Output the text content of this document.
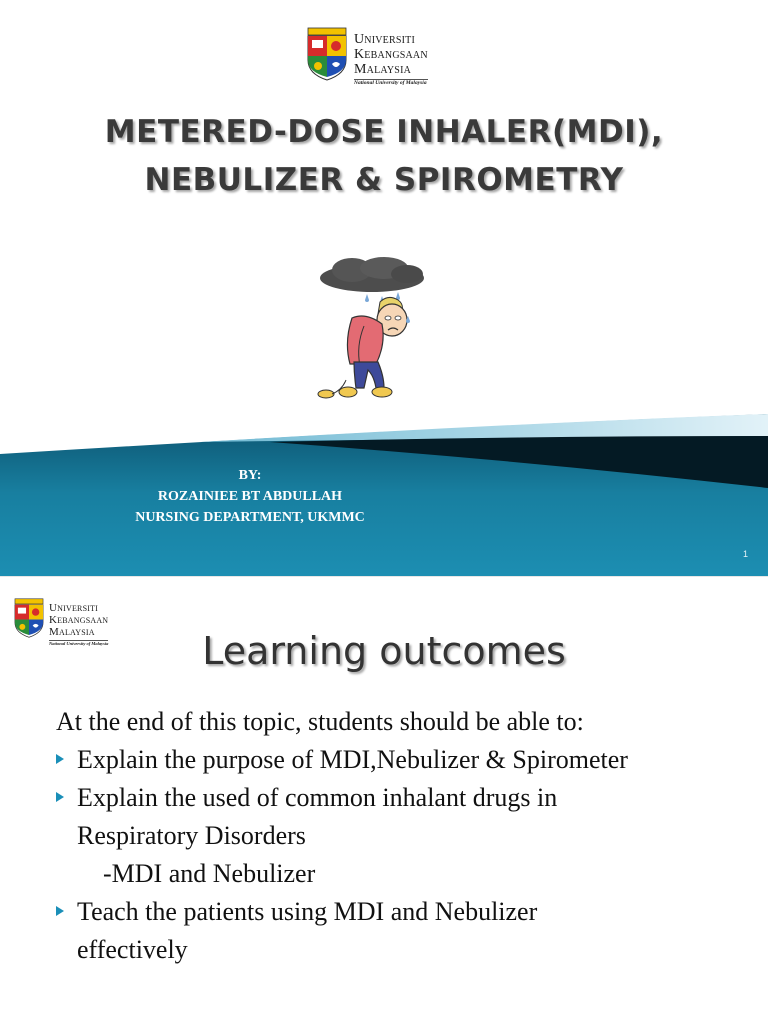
Universiti
Kebangsaan
Malaysia
National University of Malaysia
METERED-DOSE INHALER(MDI),
NEBULIZER & SPIROMETRY
BY:
ROZAINIEE BT ABDULLAH
NURSING DEPARTMENT, UKMMC
1
Universiti
Kebangsaan
Malaysia
National University of Malaysia	Learning outcomes

At the end of this topic, students should be able to:

Explain the purpose of MDI,Nebulizer & Spirometer
Explain the used of common inhalant drugs in
Respiratory Disorders
-MDI and Nebulizer
Teach the patients using MDI and Nebulizer
effectively
